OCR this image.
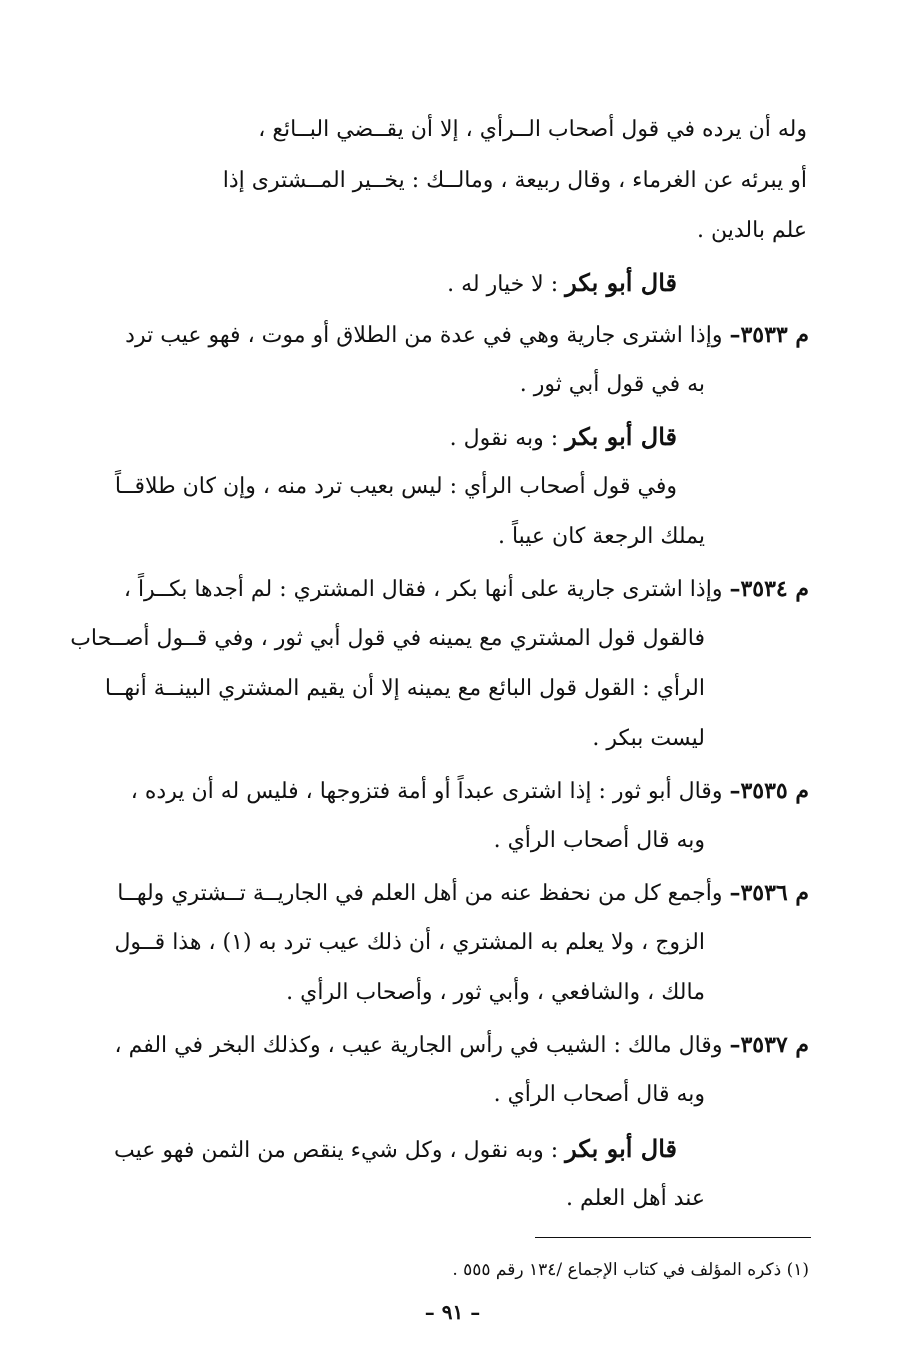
وله أن يرده في قول أصحاب الــرأي ، إلا أن يقــضي البــائع ،
أو يبرئه عن الغرماء ، وقال ربيعة ، ومالــك : يخــير المــشترى إذا
علم بالدين .
قال أبو بكر : لا خيار له .
م ٣٥٣٣– وإذا اشترى جارية وهي في عدة من الطلاق أو موت ، فهو عيب ترد
به في قول أبي ثور .
قال أبو بكر : وبه نقول .
وفي قول أصحاب الرأي : ليس بعيب ترد منه ، وإن كان طلاقــاً
يملك الرجعة كان عيباً .
م ٣٥٣٤– وإذا اشترى جارية على أنها بكر ، فقال المشتري : لم أجدها بكــراً ،
فالقول قول المشتري مع يمينه في قول أبي ثور ، وفي قــول أصــحاب
الرأي : القول قول البائع مع يمينه إلا أن يقيم المشتري البينــة أنهــا
ليست ببكر .
م ٣٥٣٥– وقال أبو ثور : إذا اشترى عبداً أو أمة فتزوجها ، فليس له أن يرده ،
وبه قال أصحاب الرأي .
م ٣٥٣٦– وأجمع كل من نحفظ عنه من أهل العلم في الجاريــة تــشتري ولهــا
الزوج ، ولا يعلم به المشتري ، أن ذلك عيب ترد به (١) ، هذا قــول
مالك ، والشافعي ، وأبي ثور ، وأصحاب الرأي .
م ٣٥٣٧– وقال مالك : الشيب في رأس الجارية عيب ، وكذلك البخر في الفم ،
وبه قال أصحاب الرأي .
قال أبو بكر : وبه نقول ، وكل شيء ينقص من الثمن فهو عيب
عند أهل العلم .
(١) ذكره المؤلف في كتاب الإجماع /١٣٤ رقم ٥٥٥ .
– ٩١ –
